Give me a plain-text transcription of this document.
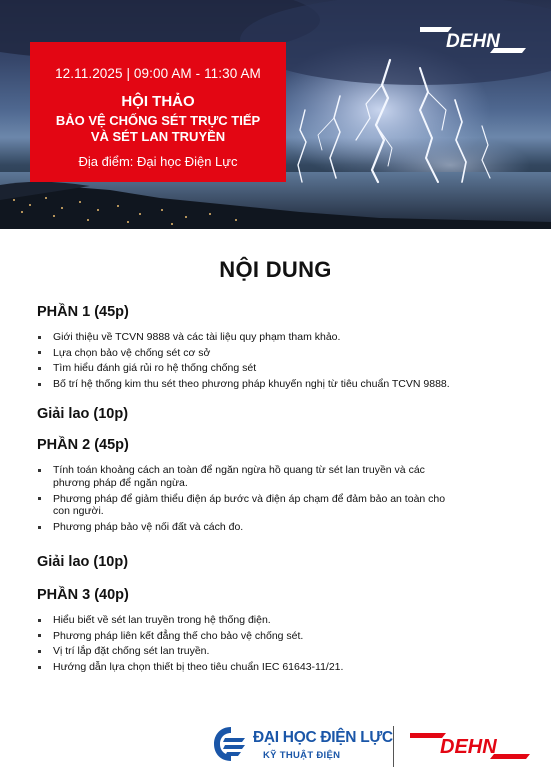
12.11.2025 | 09:00 AM - 11:30 AM
HỘI THẢO
BẢO VỆ CHỐNG SÉT TRỰC TIẾP
VÀ SÉT LAN TRUYỀN
Địa điểm: Đại học Điện Lực
DEHN
NỘI DUNG
PHẦN 1 (45p)
Giới thiệu về TCVN 9888 và các tài liệu quy phạm tham khảo.
Lựa chọn bảo vệ chống sét cơ sở
Tìm hiểu đánh giá rủi ro hệ thống chống sét
Bố trí hệ thống kim thu sét theo phương pháp khuyến nghị từ tiêu chuẩn TCVN 9888.
Giải lao (10p)
PHẦN 2 (45p)
Tính toán khoảng cách an toàn để ngăn ngừa hồ quang từ sét lan truyền và các phương pháp để ngăn ngừa.
Phương pháp để giảm thiểu điện áp bước và điện áp chạm để đảm bảo an toàn cho con người.
Phương pháp bảo vệ nối đất và cách đo.
Giải lao (10p)
PHẦN 3 (40p)
Hiểu biết về sét lan truyền trong hệ thống điện.
Phương pháp liên kết đẳng thế cho bảo vệ chống sét.
Vị trí lắp đặt chống sét lan truyền.
Hướng dẫn lựa chọn thiết bị theo tiêu chuẩn IEC 61643-11/21.
ĐẠI HỌC ĐIỆN LỰC
KỸ THUẬT ĐIỆN	DEHN
